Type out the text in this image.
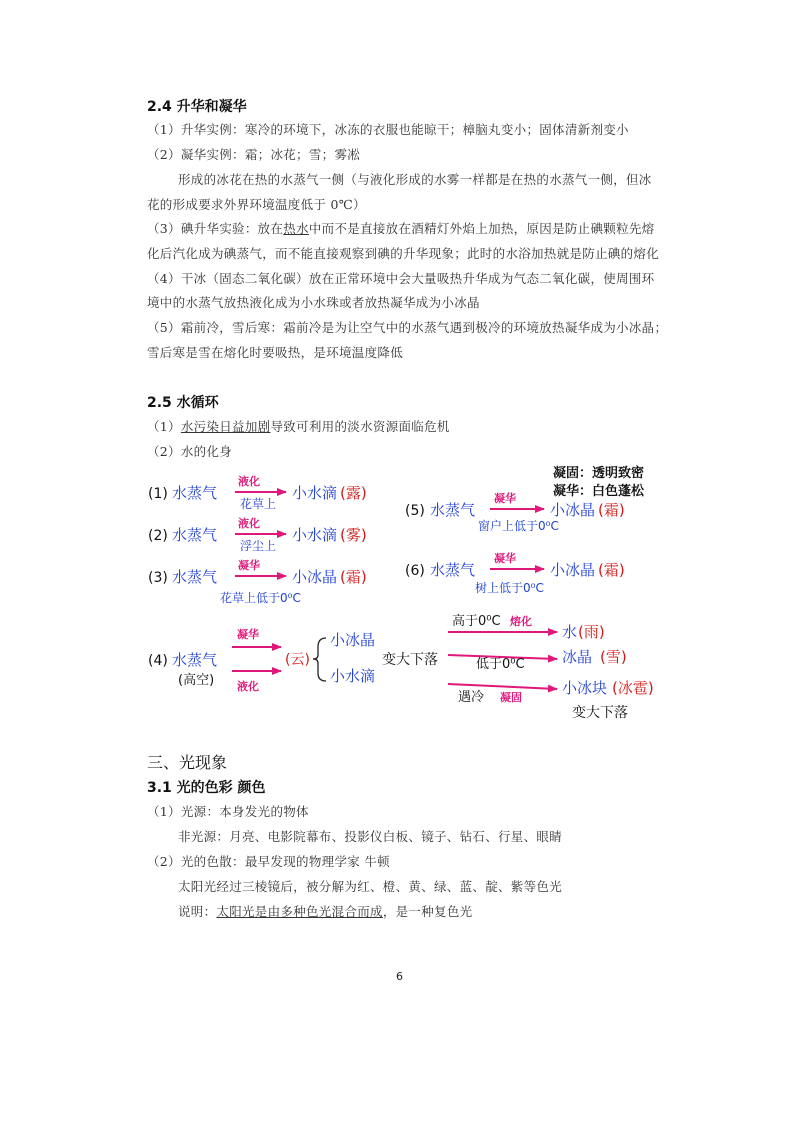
2.4 升华和凝华
（1）升华实例：寒冷的环境下，冰冻的衣服也能晾干；樟脑丸变小；固体清新剂变小
（2）凝华实例：霜；冰花；雪；雾凇
形成的冰花在热的水蒸气一侧（与液化形成的水雾一样都是在热的水蒸气一侧，但冰
花的形成要求外界环境温度低于 0℃）
（3）碘升华实验：放在热水中而不是直接放在酒精灯外焰上加热，原因是防止碘颗粒先熔
化后汽化成为碘蒸气，而不能直接观察到碘的升华现象；此时的水浴加热就是防止碘的熔化
（4）干冰（固态二氧化碳）放在正常环境中会大量吸热升华成为气态二氧化碳，使周围环
境中的水蒸气放热液化成为小水珠或者放热凝华成为小冰晶
（5）霜前冷，雪后寒：霜前冷是为让空气中的水蒸气遇到极冷的环境放热凝华成为小冰晶；
雪后寒是雪在熔化时要吸热，是环境温度降低
2.5 水循环
（1）水污染日益加剧导致可利用的淡水资源面临危机
（2）水的化身
凝固：透明致密
凝华：白色蓬松
(1) 水蒸气
液化
花草上
小水滴 (露)
(2) 水蒸气
液化
浮尘上
小水滴 (雾)
(3) 水蒸气
凝华
花草上低于0⁰C
小冰晶 (霜)
(5) 水蒸气
凝华
窗户上低于0⁰C
小冰晶 (霜)
(6) 水蒸气
凝华
树上低于0⁰C
小冰晶 (霜)
(4) 水蒸气
(高空)
凝华
液化
(云)
小冰晶
小水滴
变大下落
高于0⁰C 熔化
水 (雨)
低于0⁰C 冰晶 (雪)
遇冷 凝固
小冰块 (冰雹)
变大下落
三、光现象
3.1 光的色彩 颜色
（1）光源：本身发光的物体
非光源：月亮、电影院幕布、投影仪白板、镜子、钻石、行星、眼睛
（2）光的色散：最早发现的物理学家 牛顿
太阳光经过三棱镜后，被分解为红、橙、黄、绿、蓝、靛、紫等色光
说明：太阳光是由多种色光混合而成，是一种复色光
6
